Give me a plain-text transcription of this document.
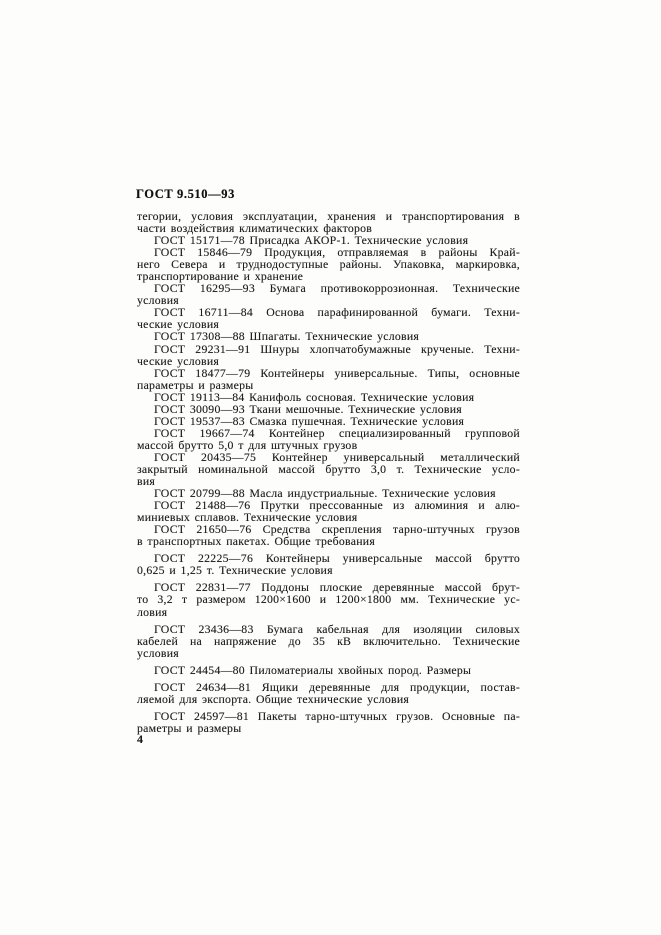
ГОСТ 9.510—93
тегории, условия эксплуатации, хранения и транспортирования в
части воздействия климатических факторов
ГОСТ 15171—78 Присадка АКОР-1. Технические условия
ГОСТ 15846—79 Продукция, отправляемая в районы Край-
него Севера и труднодоступные районы. Упаковка, маркировка,
транспортирование и хранение
ГОСТ 16295—93 Бумага противокоррозионная. Технические
условия
ГОСТ 16711—84 Основа парафинированной бумаги. Техни-
ческие условия
ГОСТ 17308—88 Шпагаты. Технические условия
ГОСТ 29231—91 Шнуры хлопчатобумажные крученые. Техни-
ческие условия
ГОСТ 18477—79 Контейнеры универсальные. Типы, основные
параметры и размеры
ГОСТ 19113—84 Канифоль сосновая. Технические условия
ГОСТ 30090—93 Ткани мешочные. Технические условия
ГОСТ 19537—83 Смазка пушечная. Технические условия
ГОСТ 19667—74 Контейнер специализированный групповой
массой брутто 5,0 т для штучных грузов
ГОСТ 20435—75 Контейнер универсальный металлический
закрытый номинальной массой брутто 3,0 т. Технические усло-
вия
ГОСТ 20799—88 Масла индустриальные. Технические условия
ГОСТ 21488—76 Прутки прессованные из алюминия и алю-
миниевых сплавов. Технические условия
ГОСТ 21650—76 Средства скрепления тарно-штучных грузов
в транспортных пакетах. Общие требования
ГОСТ 22225—76 Контейнеры универсальные массой брутто
0,625 и 1,25 т. Технические условия
ГОСТ 22831—77 Поддоны плоские деревянные массой брут-
то 3,2 т размером 1200×1600 и 1200×1800 мм. Технические ус-
ловия
ГОСТ 23436—83 Бумага кабельная для изоляции силовых
кабелей на напряжение до 35 кВ включительно. Технические
условия
ГОСТ 24454—80 Пиломатериалы хвойных пород. Размеры
ГОСТ 24634—81 Ящики деревянные для продукции, постав-
ляемой для экспорта. Общие технические условия
ГОСТ 24597—81 Пакеты тарно-штучных грузов. Основные па-
раметры и размеры
4
